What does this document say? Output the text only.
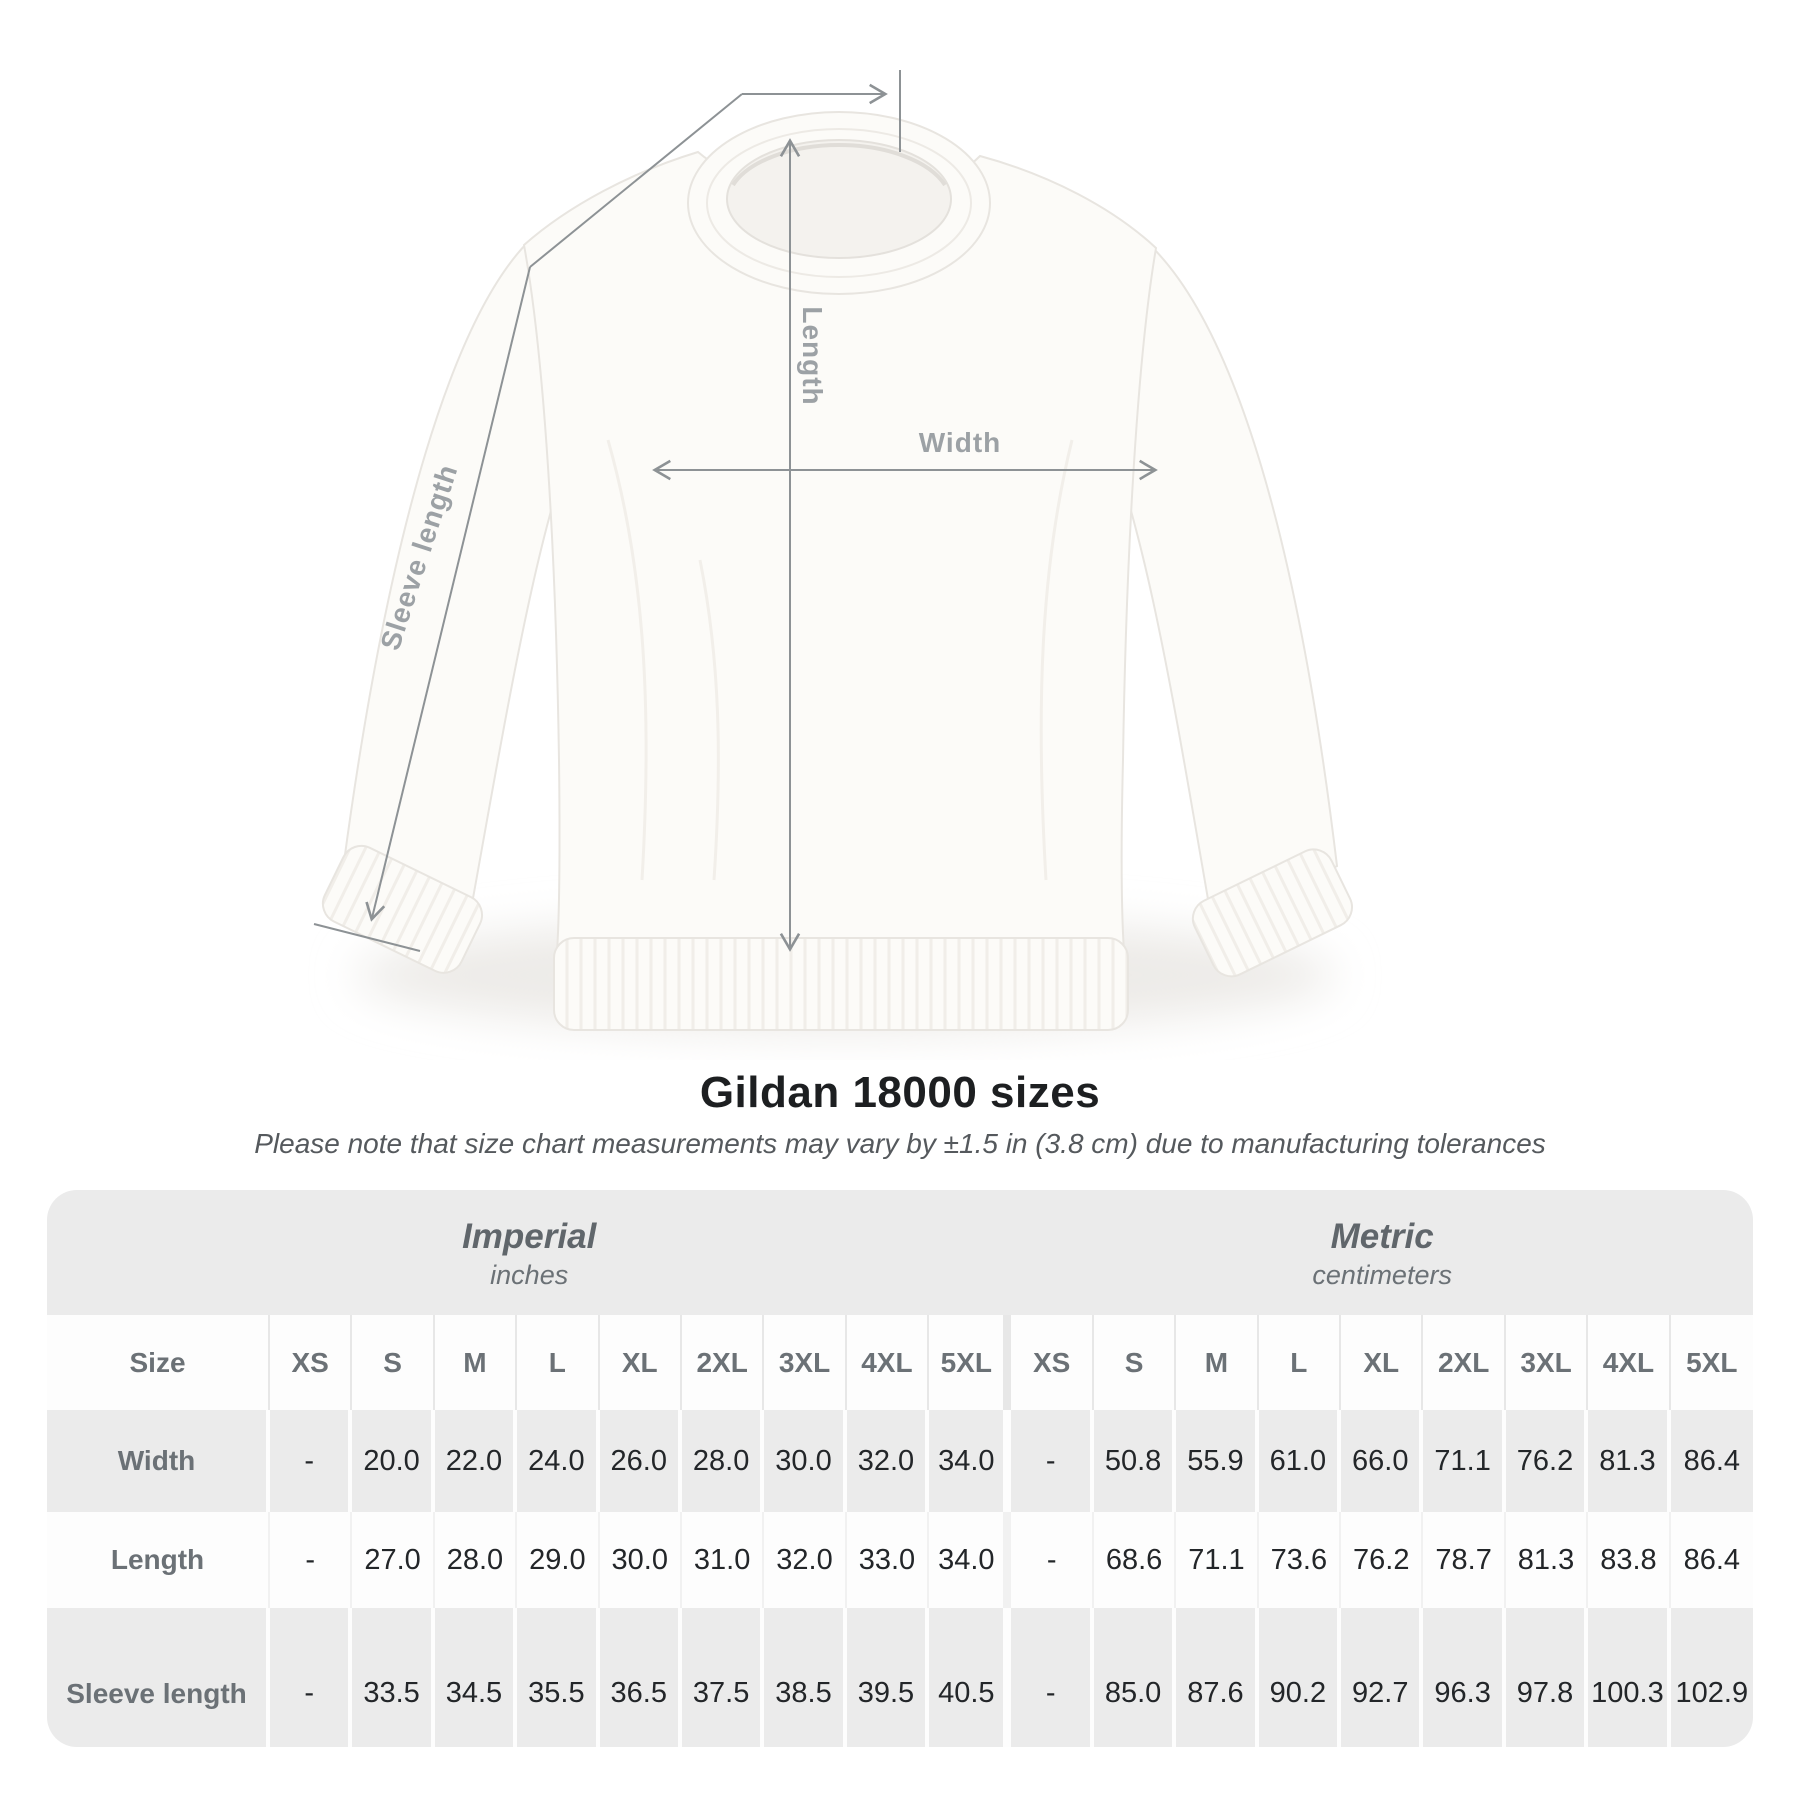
Length
Width
Sleeve length
Gildan 18000 sizes
Please note that size chart measurements may vary by ±1.5 in (3.8 cm) due to manufacturing tolerances
Imperial
inches
Metric
centimeters
Size	XS	S	M	L	XL	2XL	3XL	4XL	5XL	XS	S	M	L	XL	2XL	3XL	4XL	5XL
Width	-	20.0 22.0 24.0 26.0 28.0 30.0 32.0 34.0	-	50.8 55.9 61.0 66.0 71.1 76.2 81.3 86.4
Length	-	27.0 28.0 29.0 30.0 31.0 32.0 33.0 34.0	-	68.6 71.1 73.6 76.2 78.7 81.3 83.8 86.4
Sleeve length	-	33.5 34.5 35.5 36.5 37.5 38.5 39.5 40.5	-	85.0 87.6 90.2 92.7 96.3 97.8 100.3 102.9
